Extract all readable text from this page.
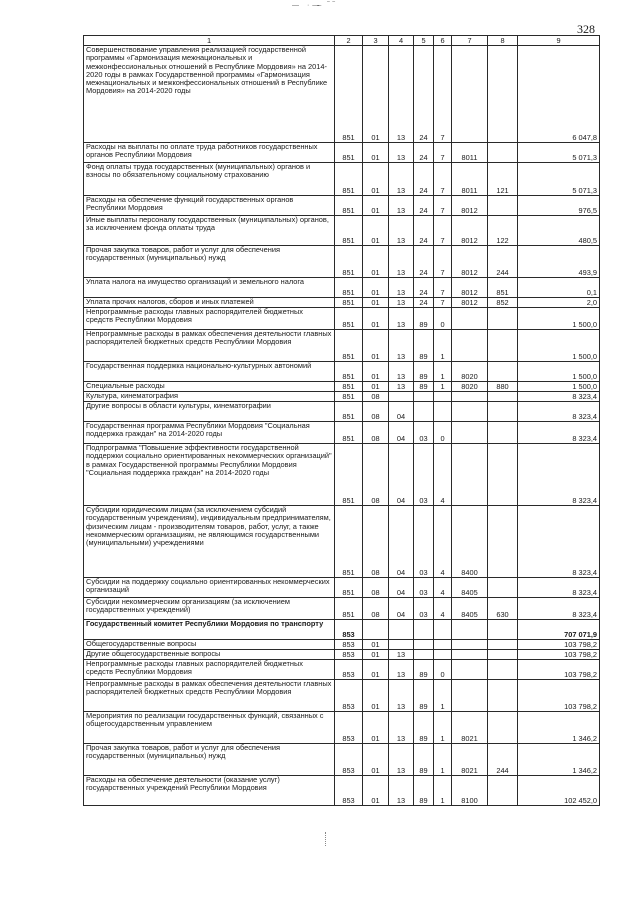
— ·—̶ ‾‾
328
1	2	3	4	5	6	7	8	9
Совершенствование управления реализацией государственной программы «Гармонизация межнациональных и межконфессиональных отношений в Республике Мордовия» на 2014-2020 годы в рамках Государственной программы «Гармонизация межнациональных и межконфессиональных отношений в Республике Мордовия» на 2014-2020 годы	851	01	13	24	7			6 047,8
Расходы на выплаты по оплате труда работников государственных органов Республики Мордовия	851	01	13	24	7	8011		5 071,3
Фонд оплаты труда государственных (муниципальных) органов и взносы по обязательному социальному страхованию	851	01	13	24	7	8011	121	5 071,3
Расходы на обеспечение функций государственных органов Республики Мордовия	851	01	13	24	7	8012		976,5
Иные выплаты персоналу государственных (муниципальных) органов, за исключением фонда оплаты труда	851	01	13	24	7	8012	122	480,5
Прочая закупка товаров, работ и услуг для обеспечения государственных (муниципальных) нужд	851	01	13	24	7	8012	244	493,9
Уплата налога на имущество организаций и земельного налога	851	01	13	24	7	8012	851	0,1
Уплата прочих налогов, сборов и иных платежей	851	01	13	24	7	8012	852	2,0
Непрограммные расходы главных распорядителей бюджетных средств Республики Мордовия	851	01	13	89	0			1 500,0
Непрограммные расходы в рамках обеспечения деятельности главных распорядителей бюджетных средств Республики Мордовия	851	01	13	89	1			1 500,0
Государственная поддержка национально-культурных автономий	851	01	13	89	1	8020		1 500,0
Специальные расходы	851	01	13	89	1	8020	880	1 500,0
Культура, кинематография	851	08						8 323,4
Другие вопросы в области культуры, кинематографии	851	08	04					8 323,4
Государственная программа Республики Мордовия "Социальная поддержка граждан" на 2014-2020 годы	851	08	04	03	0			8 323,4
Подпрограмма "Повышение эффективности государственной поддержки социально ориентированных некоммерческих организаций" в рамках Государственной программы Республики Мордовия "Социальная поддержка граждан" на 2014-2020 годы	851	08	04	03	4			8 323,4
Субсидии юридическим лицам (за исключением субсидий государственным учреждениям), индивидуальным предпринимателям, физическим лицам - производителям товаров, работ, услуг, а также некоммерческим организациям, не являющимся государственными (муниципальными) учреждениями	851	08	04	03	4	8400		8 323,4
Субсидии на поддержку социально ориентированных некоммерческих организаций	851	08	04	03	4	8405		8 323,4
Субсидии некоммерческим организациям (за исключением государственных учреждений)	851	08	04	03	4	8405	630	8 323,4
Государственный комитет Республики Мордовия по транспорту	853							707 071,9
Общегосударственные вопросы	853	01						103 798,2
Другие общегосударственные вопросы	853	01	13					103 798,2
Непрограммные расходы главных распорядителей бюджетных средств Республики Мордовия	853	01	13	89	0			103 798,2
Непрограммные расходы в рамках обеспечения деятельности главных распорядителей бюджетных средств Республики Мордовия	853	01	13	89	1			103 798,2
Мероприятия по реализации государственных функций, связанных с общегосударственным управлением	853	01	13	89	1	8021		1 346,2
Прочая закупка товаров, работ и услуг для обеспечения государственных (муниципальных) нужд	853	01	13	89	1	8021	244	1 346,2
Расходы на обеспечение деятельности (оказание услуг) государственных учреждений Республики Мордовия	853	01	13	89	1	8100		102 452,0
